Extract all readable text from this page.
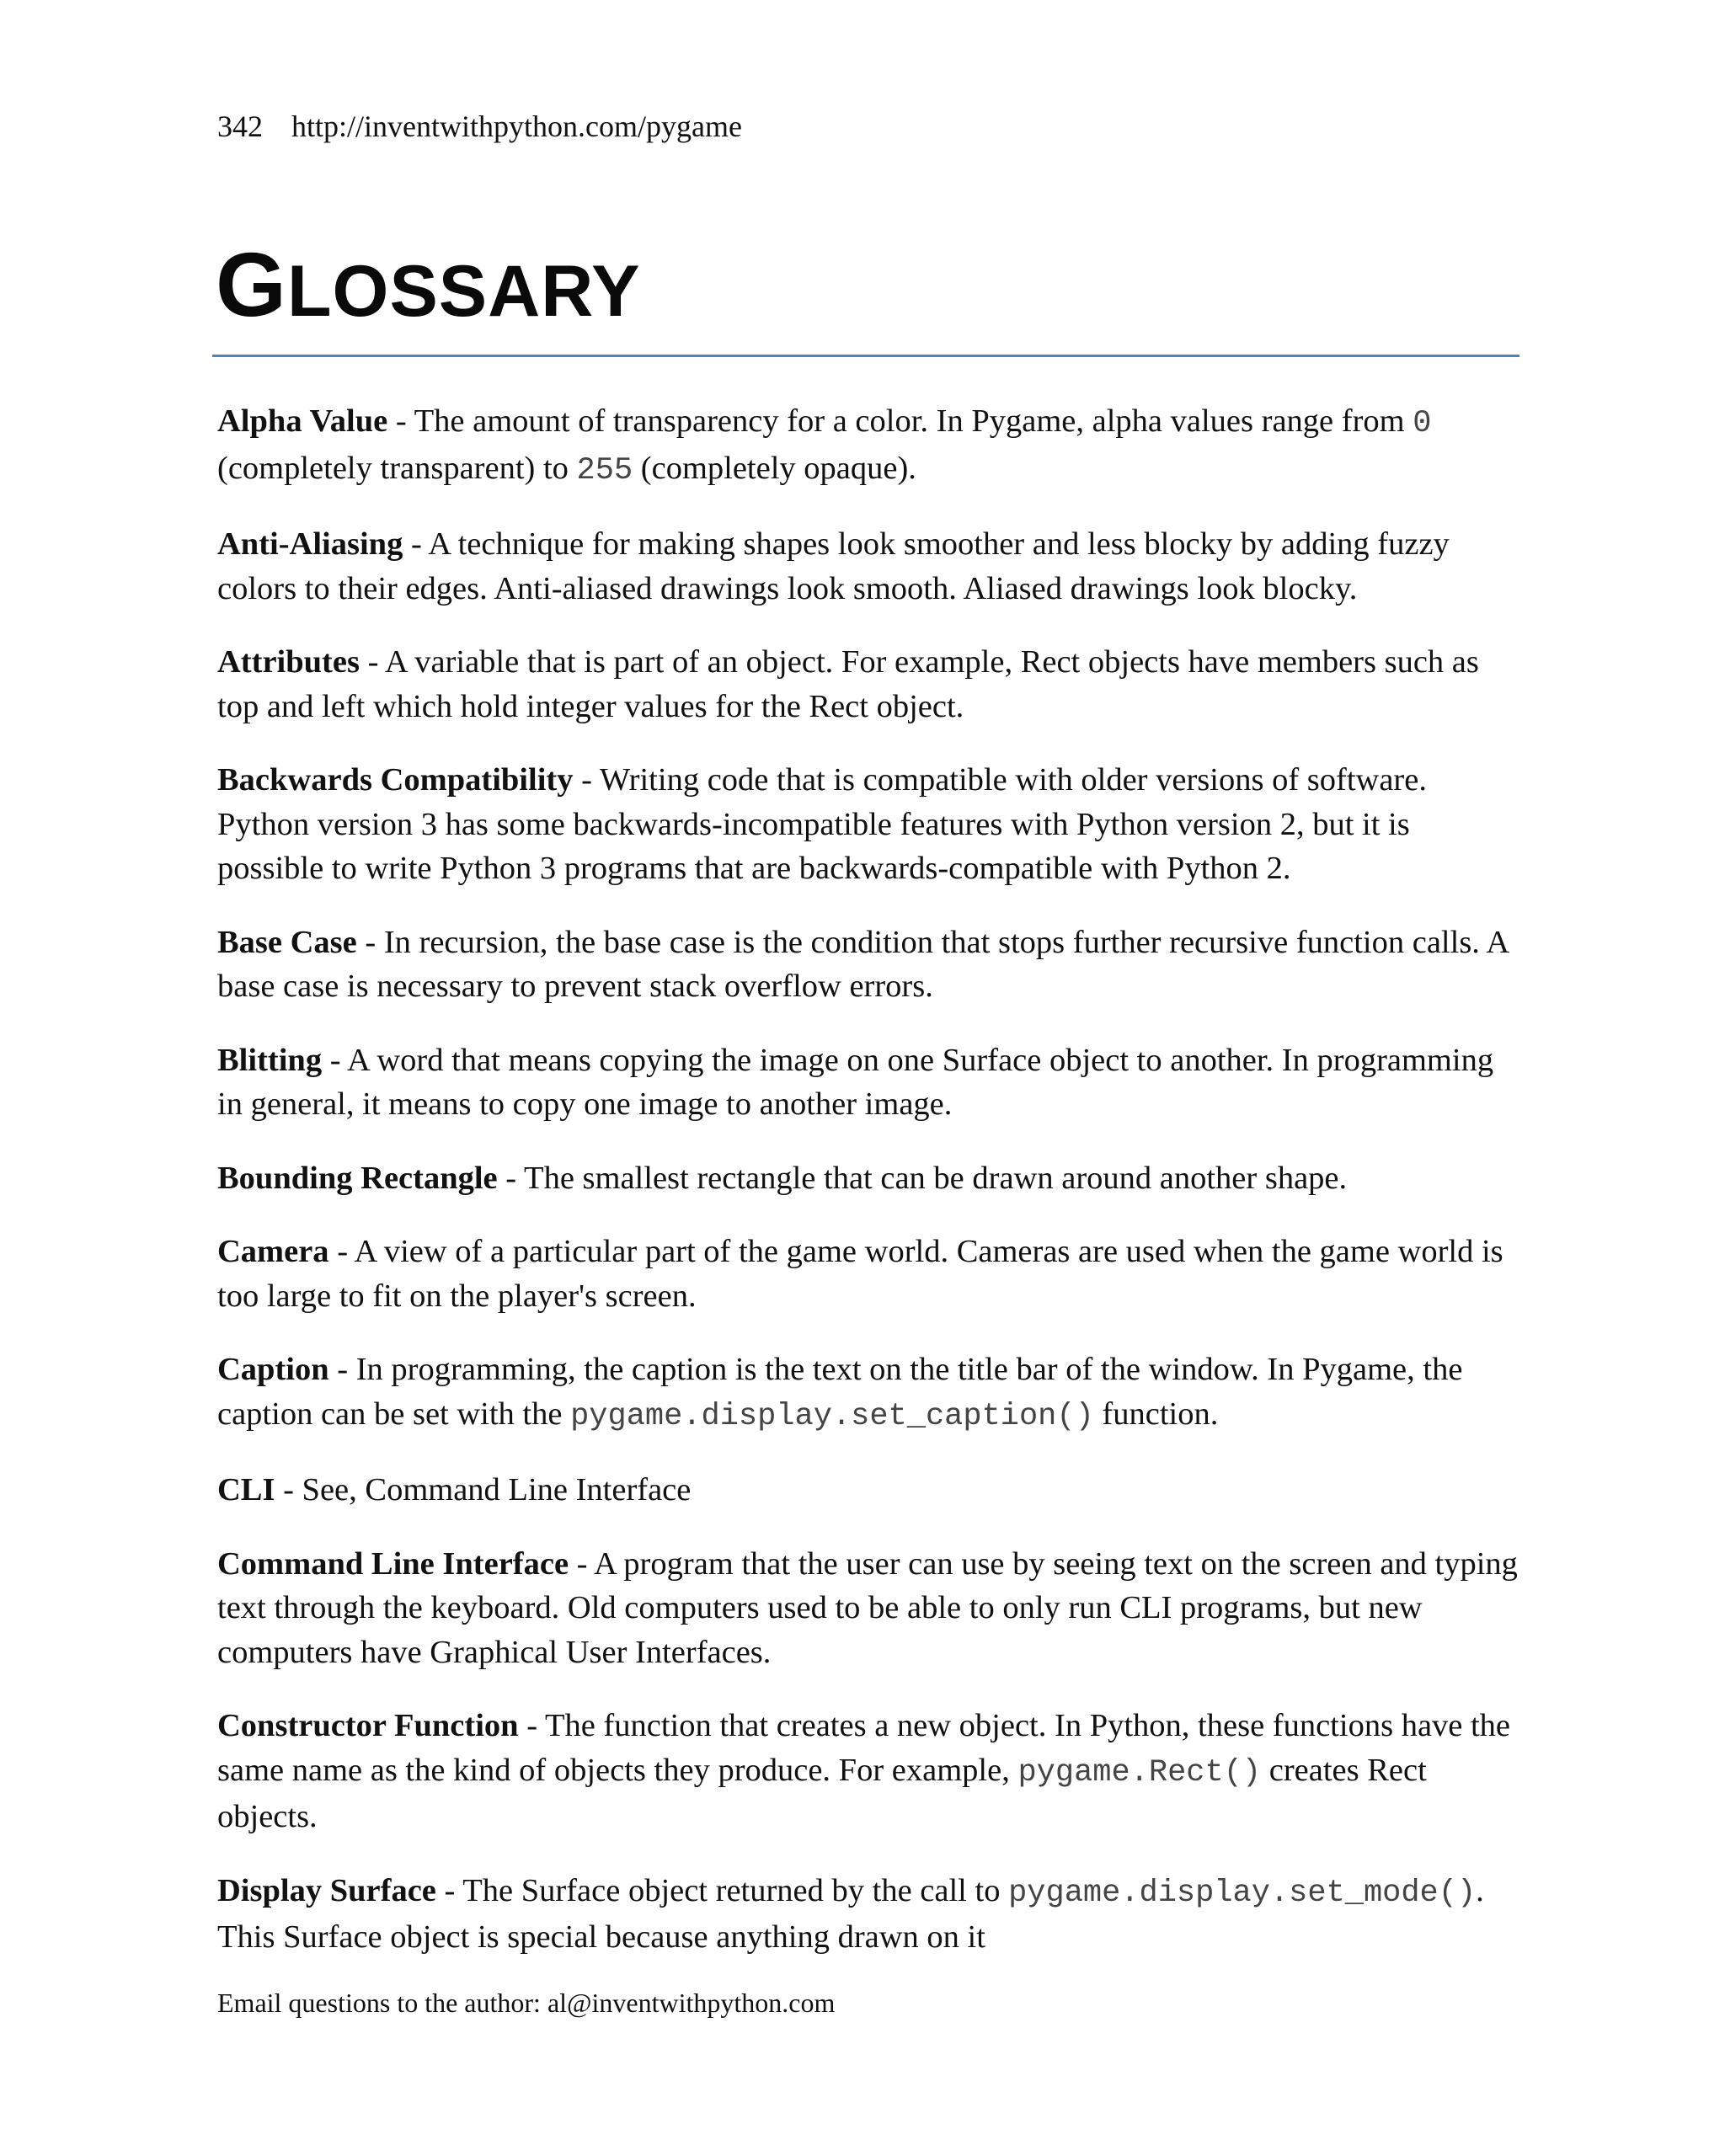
342 http://inventwithpython.com/pygame
GLOSSARY

Alpha Value - The amount of transparency for a color. In Pygame, alpha values range from 0 (completely transparent) to 255 (completely opaque).

Anti-Aliasing - A technique for making shapes look smoother and less blocky by adding fuzzy colors to their edges. Anti-aliased drawings look smooth. Aliased drawings look blocky.

Attributes - A variable that is part of an object. For example, Rect objects have members such as top and left which hold integer values for the Rect object.

Backwards Compatibility - Writing code that is compatible with older versions of software. Python version 3 has some backwards-incompatible features with Python version 2, but it is possible to write Python 3 programs that are backwards-compatible with Python 2.

Base Case - In recursion, the base case is the condition that stops further recursive function calls. A base case is necessary to prevent stack overflow errors.

Blitting - A word that means copying the image on one Surface object to another. In programming in general, it means to copy one image to another image.

Bounding Rectangle - The smallest rectangle that can be drawn around another shape.

Camera - A view of a particular part of the game world. Cameras are used when the game world is too large to fit on the player's screen.

Caption - In programming, the caption is the text on the title bar of the window. In Pygame, the caption can be set with the pygame.display.set_caption() function.

CLI - See, Command Line Interface

Command Line Interface - A program that the user can use by seeing text on the screen and typing text through the keyboard. Old computers used to be able to only run CLI programs, but new computers have Graphical User Interfaces.

Constructor Function - The function that creates a new object. In Python, these functions have the same name as the kind of objects they produce. For example, pygame.Rect() creates Rect objects.

Display Surface - The Surface object returned by the call to pygame.display.set_mode(). This Surface object is special because anything drawn on it

Email questions to the author: al@inventwithpython.com
